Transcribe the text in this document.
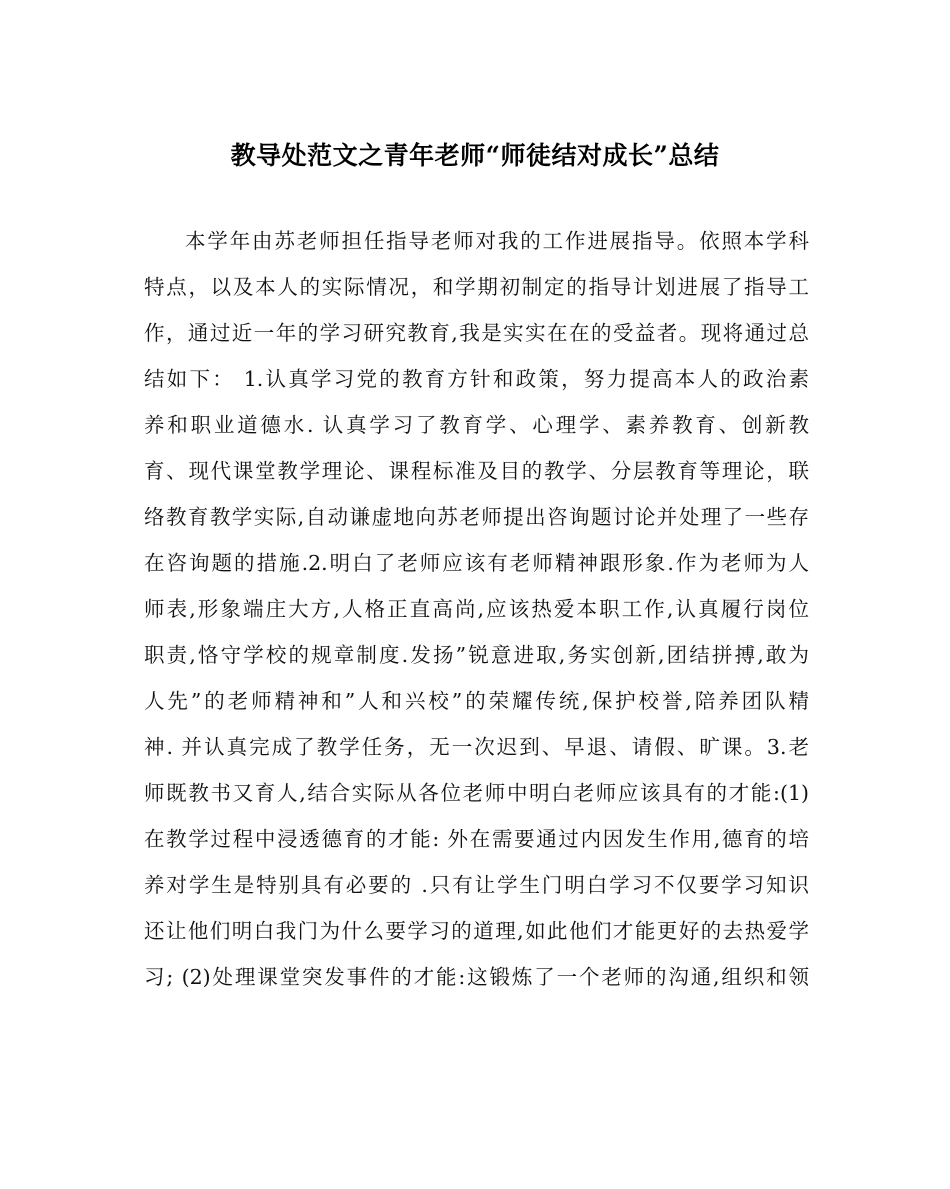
教导处范文之青年老师“师徒结对成长”总结
本学年由苏老师担任指导老师对我的工作进展指导。依照本学科
特点，以及本人的实际情况，和学期初制定的指导计划进展了指导工
作，通过近一年的学习研究教育,我是实实在在的受益者。现将通过总
结如下： 1.认真学习党的教育方针和政策，努力提高本人的政治素
养和职业道德水. 认真学习了教育学、心理学、素养教育、创新教
育、现代课堂教学理论、课程标准及目的教学、分层教育等理论，联
络教育教学实际,自动谦虚地向苏老师提出咨询题讨论并处理了一些存
在咨询题的措施.2.明白了老师应该有老师精神跟形象.作为老师为人
师表,形象端庄大方,人格正直高尚,应该热爱本职工作,认真履行岗位
职责,恪守学校的规章制度.发扬”锐意进取,务实创新,团结拼搏,敢为
人先”的老师精神和”人和兴校”的荣耀传统,保护校誉,陪养团队精
神. 并认真完成了教学任务，无一次迟到、早退、请假、旷课。3.老
师既教书又育人,结合实际从各位老师中明白老师应该具有的才能:(1)
在教学过程中浸透德育的才能: 外在需要通过内因发生作用,德育的培
养对学生是特别具有必要的 .只有让学生门明白学习不仅要学习知识
还让他们明白我门为什么要学习的道理,如此他们才能更好的去热爱学
习; (2)处理课堂突发事件的才能:这锻炼了一个老师的沟通,组织和领
